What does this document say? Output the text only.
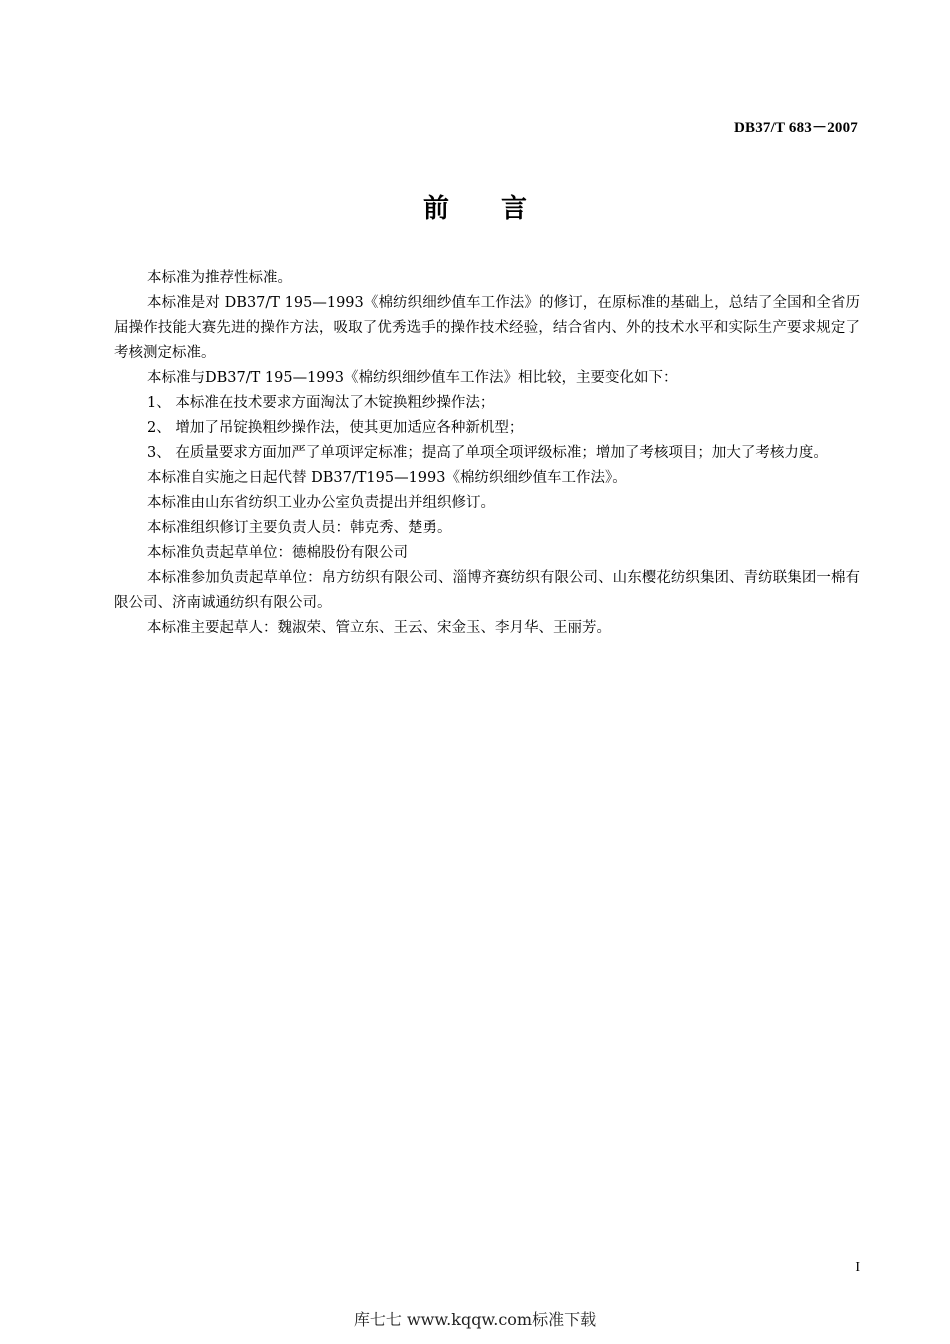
DB37/T 683－2007
前言

本标准为推荐性标准。

本标准是对 DB37/T 195—1993《棉纺织细纱值车工作法》的修订，在原标准的基础上，总结了全国和全省历届操作技能大赛先进的操作方法，吸取了优秀选手的操作技术经验，结合省内、外的技术水平和实际生产要求规定了考核测定标准。

本标准与DB37/T 195—1993《棉纺织细纱值车工作法》相比较，主要变化如下：

1、 本标准在技术要求方面淘汰了木锭换粗纱操作法；

2、 增加了吊锭换粗纱操作法，使其更加适应各种新机型；

3、 在质量要求方面加严了单项评定标准；提高了单项全项评级标准；增加了考核项目；加大了考核力度。

本标准自实施之日起代替 DB37/T195—1993《棉纺织细纱值车工作法》。

本标准由山东省纺织工业办公室负责提出并组织修订。

本标准组织修订主要负责人员：韩克秀、楚勇。

本标准负责起草单位：德棉股份有限公司

本标准参加负责起草单位：帛方纺织有限公司、淄博齐赛纺织有限公司、山东樱花纺织集团、青纺联集团一棉有限公司、济南诚通纺织有限公司。

本标准主要起草人：魏淑荣、管立东、王云、宋金玉、李月华、王丽芳。

I
库七七 www.kqqw.com标准下载
